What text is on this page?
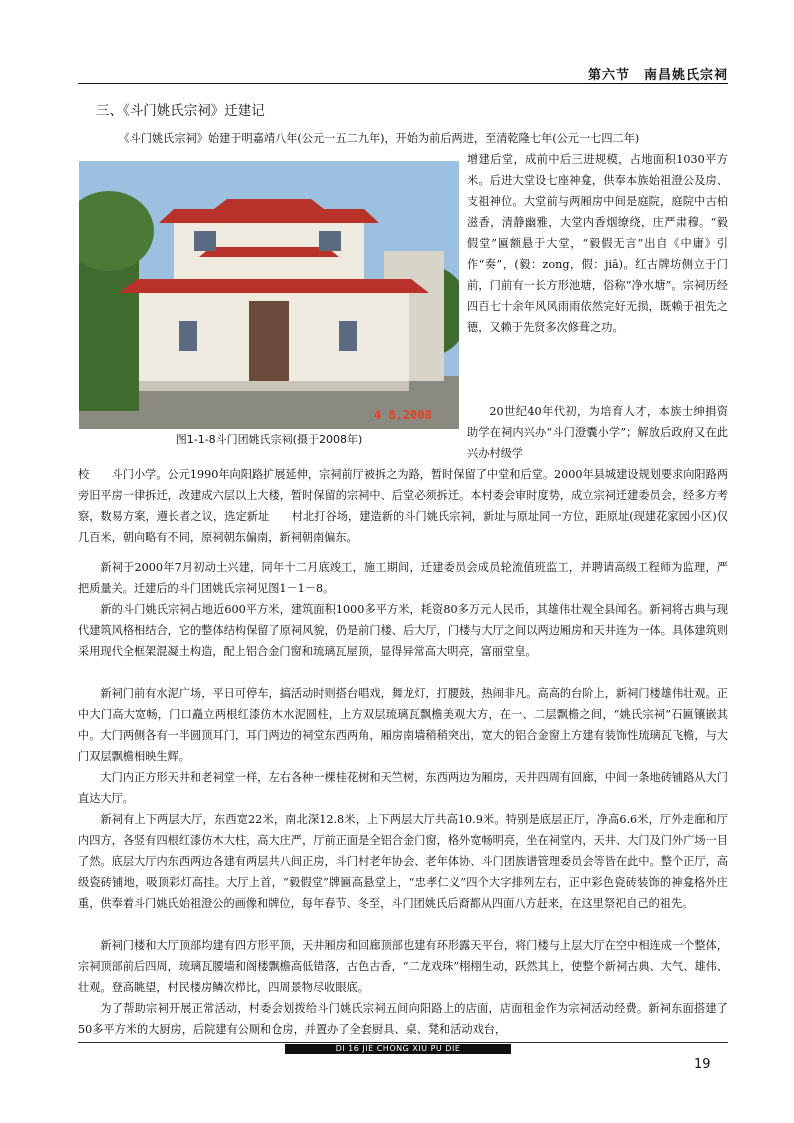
第六节　南昌姚氏宗祠
三、《斗门姚氏宗祠》迁建记

《斗门姚氏宗祠》始建于明嘉靖八年(公元一五二九年)，开始为前后两进，至清乾隆七年(公元一七四二年)

4 8.2008
图1-1-8斗门团姚氏宗祠(摄于2008年)

增建后堂，成前中后三进规模，占地面积1030平方米。后进大堂设七座神龛，供奉本族始祖澄公及房、支祖神位。大堂前与两厢房中间是庭院，庭院中古柏滋香，清静幽雅，大堂内香烟缭绕，庄严肃穆。“毅假堂”匾额悬于大堂，“毅假无言”出自《中庸》引作“奏”，(毅：zong，假：jiā)。红古牌坊侧立于门前，门前有一长方形池塘，俗称“净水塘”。宗祠历经四百七十余年风风雨雨依然完好无损，既赖于祖先之德，又赖于先贤多次修葺之功。

20世纪40年代初，为培育人才，本族士绅捐资助学在祠内兴办“斗门澄囊小学”；解放后政府又在此兴办村级学

校　　斗门小学。公元1990年向阳路扩展延伸，宗祠前厅被拆之为路，暂时保留了中堂和后堂。2000年县城建设规划要求向阳路两旁旧平房一律拆迁，改建成六层以上大楼，暂时保留的宗祠中、后堂必须拆迁。本村委会审时度势，成立宗祠迁建委员会，经多方考察，数易方案，遵长者之议，选定新址　　村北打谷场，建造新的斗门姚氏宗祠，新址与原址同一方位，距原址(现建花家园小区)仅几百米，朝向略有不同，原祠朝东偏南，新祠朝南偏东。

新祠于2000年7月初动土兴建，同年十二月底竣工，施工期间，迁建委员会成员轮流值班监工，并聘请高级工程师为监理，严把质量关。迁建后的斗门团姚氏宗祠见图1－1－8。

新的斗门姚氏宗祠占地近600平方米，建筑面积1000多平方米，耗资80多万元人民币，其雄伟壮观全县闻名。新祠将古典与现代建筑风格相结合，它的整体结构保留了原祠风貌，仍是前门楼、后大厅，门楼与大厅之间以两边厢房和天井连为一体。具体建筑则采用现代全框架混凝土构造，配上铝合金门窗和琉璃瓦屋顶，显得异常高大明亮，富丽堂皇。

新祠门前有水泥广场，平日可停车，搞活动时则搭台唱戏，舞龙灯，打腰鼓，热闹非凡。高高的台阶上，新祠门楼雄伟壮观。正中大门高大宽畅，门口矗立两根红漆仿木水泥圆柱，上方双层琉璃瓦飘檐美观大方，在一、二层飘檐之间，“姚氏宗祠”石匾镶嵌其中。大门两侧各有一半圆顶耳门，耳门两边的祠堂东西两角，厢房南墙稍稍突出，宽大的铝合金窗上方建有装饰性琉璃瓦飞檐，与大门双层飘檐相映生辉。

大门内正方形天井和老祠堂一样，左右各种一棵桂花树和天竺树，东西两边为厢房，天井四周有回廊，中间一条地砖铺路从大门直达大厅。

新祠有上下两层大厅，东西宽22米，南北深12.8米，上下两层大厅共高10.9米。特别是底层正厅，净高6.6米，厅外走廊和厅内四方，各竖有四根红漆仿木大柱，高大庄严，厅前正面是全铝合金门窗，格外宽畅明亮，坐在祠堂内，天井、大门及门外广场一目了然。底层大厅内东西两边各建有两层共八间正房，斗门村老年协会、老年体协、斗门团族谱管理委员会等皆在此中。整个正厅，高级瓷砖铺地，吸顶彩灯高挂。大厅上首，“毅假堂”牌匾高悬堂上，“忠孝仁义”四个大字排列左右，正中彩色瓷砖装饰的神龛格外庄重，供奉着斗门姚氏始祖澄公的画像和牌位，每年春节、冬至，斗门团姚氏后裔都从四面八方赶来，在这里祭祀自己的祖先。

新祠门楼和大厅顶部均建有四方形平顶，天井厢房和回廊顶部也建有环形露天平台，将门楼与上层大厅在空中相连成一个整体，宗祠顶部前后四周，琉璃瓦腰墙和阁楼飘檐高低错落，古色古香，“二龙戏珠”栩栩生动，跃然其上，使整个新祠古典、大气、雄伟、壮观。登高眺望，村民楼房鳞次栉比，四周景物尽收眼底。

为了帮助宗祠开展正常活动，村委会划拨给斗门姚氏宗祠五间向阳路上的店面，店面租金作为宗祠活动经费。新祠东面搭建了50多平方米的大厨房，后院建有公厕和仓房，并置办了全套厨具、桌、凳和活动戏台，

DI 16 JIE CHONG XIU PU DIE
19
